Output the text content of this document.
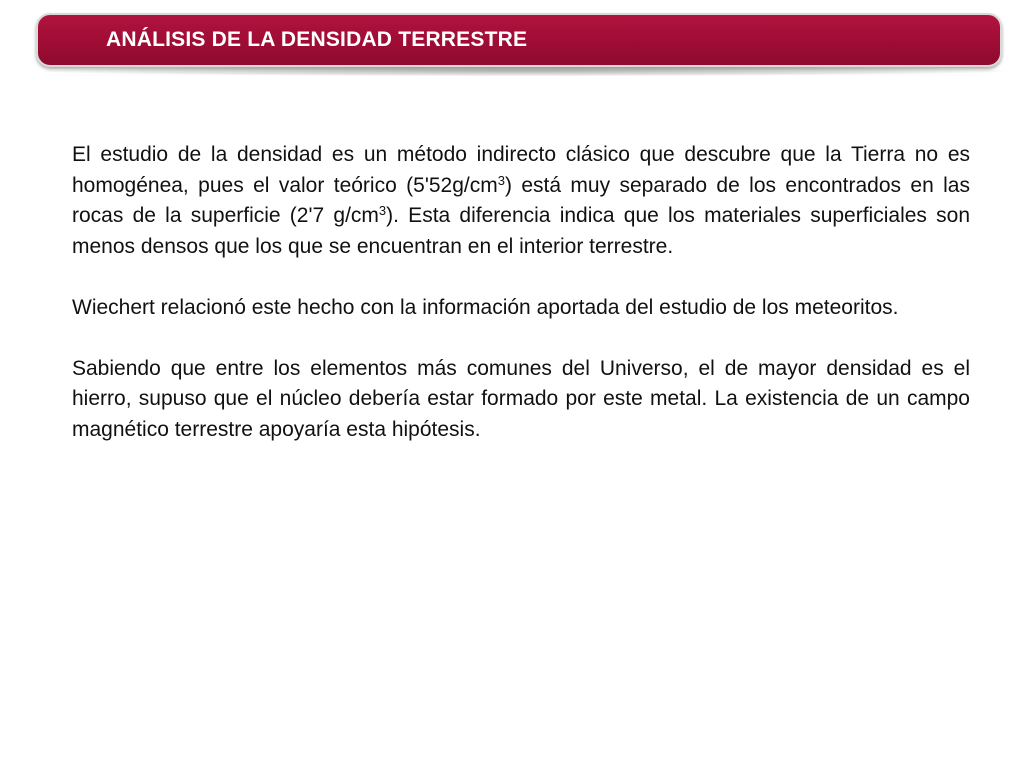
ANÁLISIS DE LA DENSIDAD TERRESTRE

El estudio de la densidad es un método indirecto clásico que descubre que la Tierra no es homogénea, pues el valor teórico $(5'52g/cm^3)$ está muy separado de los encontrados en las rocas de la superficie (2'7 $g/cm^3$). Esta diferencia indica que los materiales superficiales son menos densos que los que se encuentran en el interior terrestre.

Wiechert relacionó este hecho con la información aportada del estudio de los meteoritos.

Sabiendo que entre los elementos más comunes del Universo, el de mayor densidad es el hierro, supuso que el núcleo debería estar formado por este metal. La existencia de un campo magnético terrestre apoyaría esta hipótesis.
